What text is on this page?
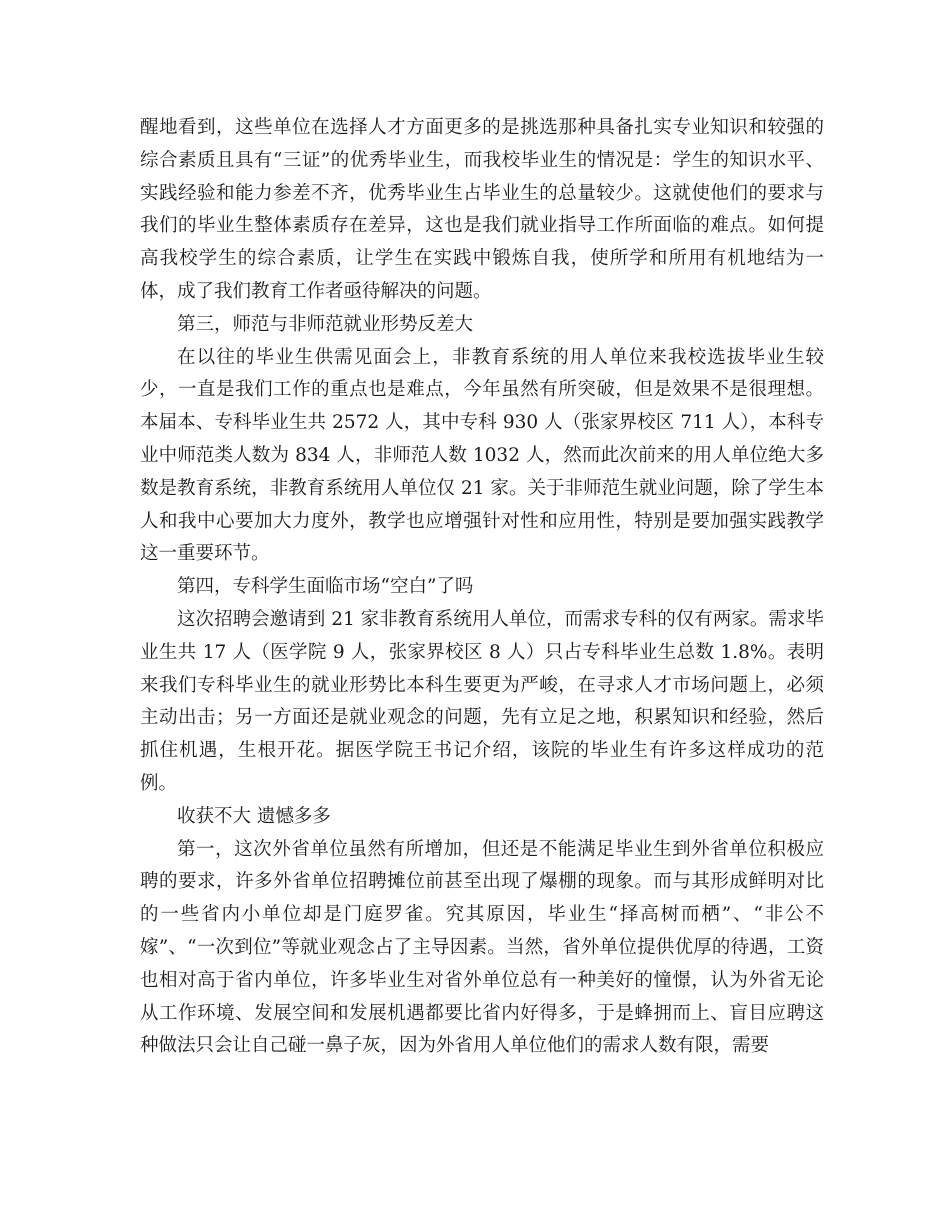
醒地看到，这些单位在选择人才方面更多的是挑选那种具备扎实专业知识和较强的综合素质且具有“三证”的优秀毕业生，而我校毕业生的情况是：学生的知识水平、实践经验和能力参差不齐，优秀毕业生占毕业生的总量较少。这就使他们的要求与我们的毕业生整体素质存在差异，这也是我们就业指导工作所面临的难点。如何提高我校学生的综合素质，让学生在实践中锻炼自我，使所学和所用有机地结为一体，成了我们教育工作者亟待解决的问题。

第三，师范与非师范就业形势反差大

在以往的毕业生供需见面会上，非教育系统的用人单位来我校选拔毕业生较少，一直是我们工作的重点也是难点，今年虽然有所突破，但是效果不是很理想。本届本、专科毕业生共 2572 人，其中专科 930 人（张家界校区 711 人），本科专业中师范类人数为 834 人，非师范人数 1032 人，然而此次前来的用人单位绝大多数是教育系统，非教育系统用人单位仅 21 家。关于非师范生就业问题，除了学生本人和我中心要加大力度外，教学也应增强针对性和应用性，特别是要加强实践教学这一重要环节。

第四，专科学生面临市场“空白”了吗

这次招聘会邀请到 21 家非教育系统用人单位，而需求专科的仅有两家。需求毕业生共 17 人（医学院 9 人，张家界校区 8 人）只占专科毕业生总数 1.8%。表明来我们专科毕业生的就业形势比本科生要更为严峻，在寻求人才市场问题上，必须主动出击；另一方面还是就业观念的问题，先有立足之地，积累知识和经验，然后抓住机遇，生根开花。据医学院王书记介绍，该院的毕业生有许多这样成功的范例。

收获不大 遗憾多多

第一，这次外省单位虽然有所增加，但还是不能满足毕业生到外省单位积极应聘的要求，许多外省单位招聘摊位前甚至出现了爆棚的现象。而与其形成鲜明对比的一些省内小单位却是门庭罗雀。究其原因，毕业生“择高树而栖”、“非公不嫁”、“一次到位”等就业观念占了主导因素。当然，省外单位提供优厚的待遇，工资也相对高于省内单位，许多毕业生对省外单位总有一种美好的憧憬，认为外省无论从工作环境、发展空间和发展机遇都要比省内好得多，于是蜂拥而上、盲目应聘这种做法只会让自己碰一鼻子灰，因为外省用人单位他们的需求人数有限，需要
